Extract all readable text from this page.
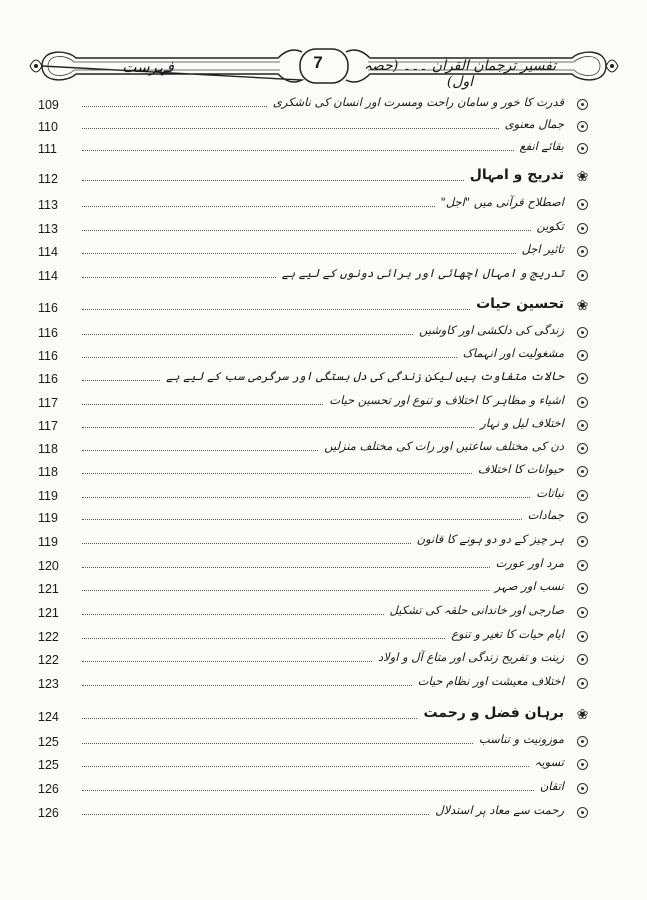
فہرست	7	تفسیر ترجمان القرآن ۔۔۔ (حصہ اول)
109	قدرت کا خور و سامان راحت ومسرت اور انسان کی ناشکری
110	جمال معنوی
111	بقائے انفع
112	تدریج و امہال ❀
113	اصطلاح قرآنی میں "اجل"
113	تکوین
114	تاثیر اجل
114	تدریج و امہال اچھائی اور برائی دونوں کے لیے ہے
116	تحسین حیات ❀
116	زندگی کی دلکشی اور کاوشیں
116	مشغولیت اور انہماک
116	حالات متفاوت ہیں لیکن زندگی کی دل بستگی اور سرگرمی سب کے لیے ہے
117	اشیاء و مظاہر کا اختلاف و تنوع اور تحسین حیات
117	اختلاف لیل و نہار
118	دن کی مختلف ساعتیں اور رات کی مختلف منزلیں
118	حیوانات کا اختلاف
119	نباتات
119	جمادات
119	ہر چیز کے دو دو ہونے کا قانون
120	مرد اور عورت
121	نسب اور صہر
121	صارجی اور خاندانی حلقہ کی تشکیل
122	ایام حیات کا تغیر و تنوع
122	زینت و تفریح زندگی اور متاع آل و اولاد
123	اختلاف معیشت اور نظام حیات
124	برہان فضل و رحمت ❀
125	موزونیت و تناسب
125	تسویہ
126	اتقان
126	رحمت سے معاد پر استدلال
